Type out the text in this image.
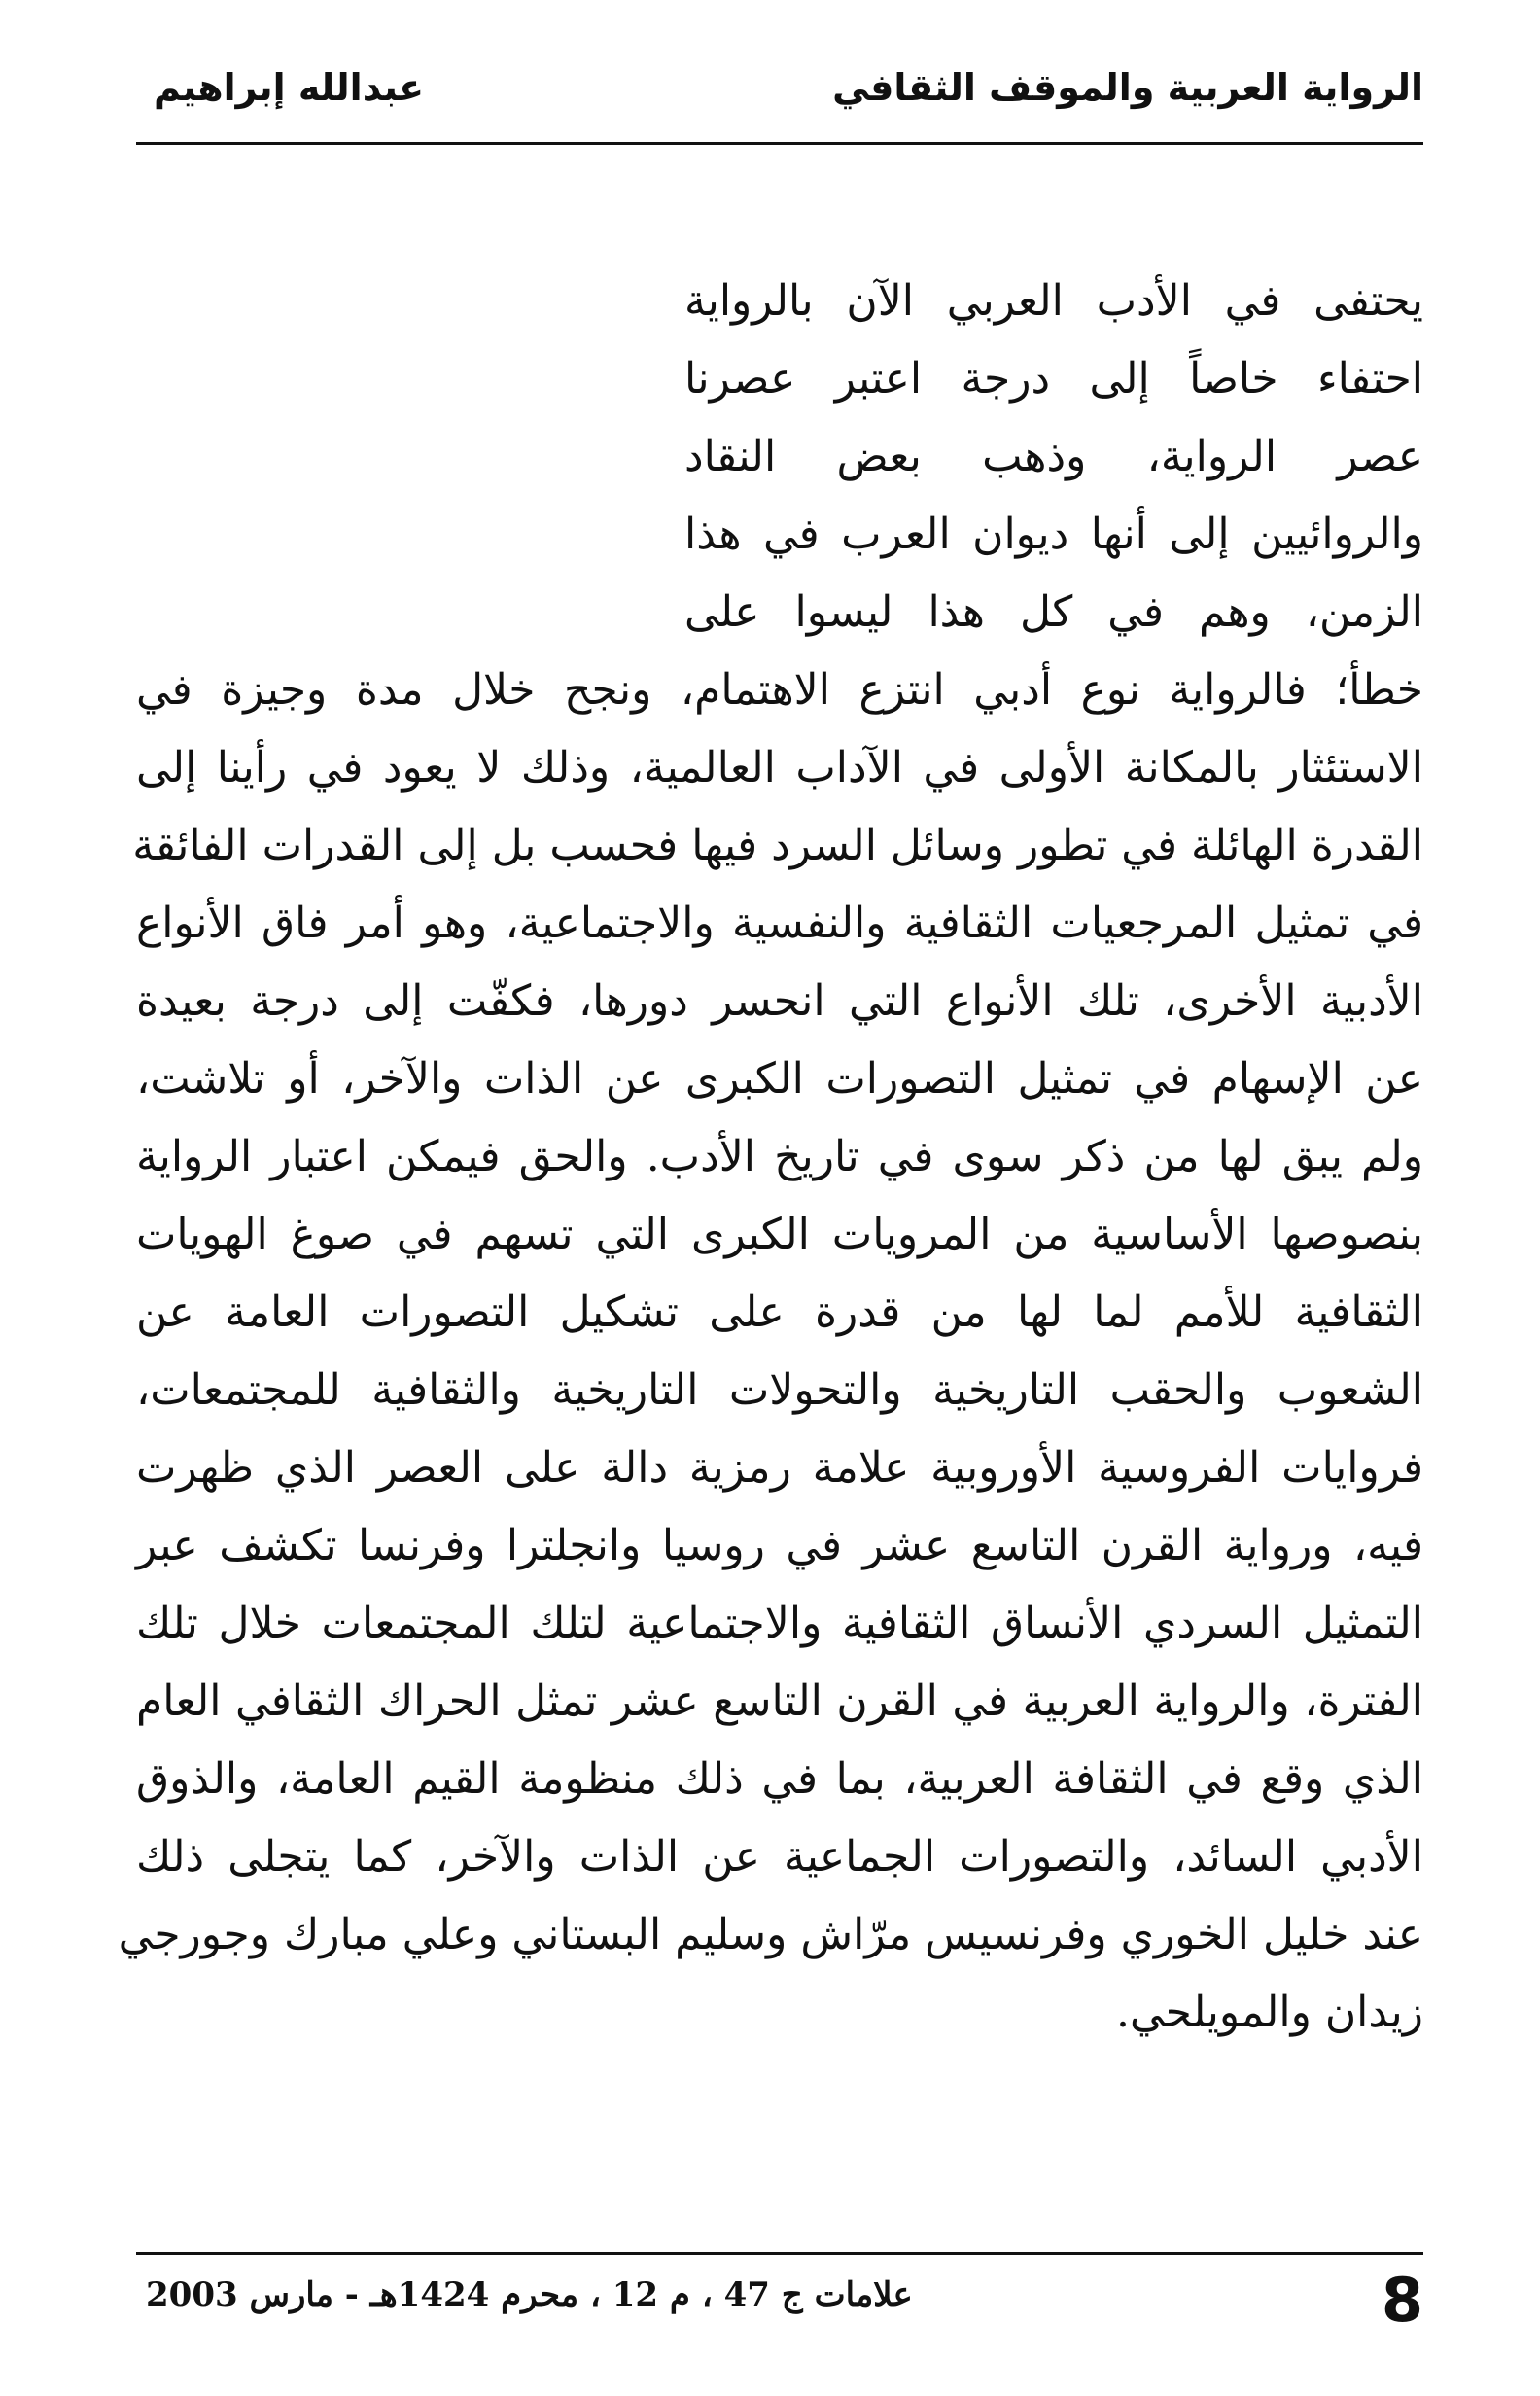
الرواية العربية والموقف الثقافي
عبدالله إبراهيم
يحتفى في الأدب العربي الآن بالرواية
احتفاء خاصاً إلى درجة اعتبر عصرنا
عصر الرواية، وذهب بعض النقاد
والروائيين إلى أنها ديوان العرب في هذا
الزمن، وهم في كل هذا ليسوا على
خطأ؛ فالرواية نوع أدبي انتزع الاهتمام، ونجح خلال مدة وجيزة في
الاستئثار بالمكانة الأولى في الآداب العالمية، وذلك لا يعود في رأينا إلى
القدرة الهائلة في تطور وسائل السرد فيها فحسب بل إلى القدرات الفائقة
في تمثيل المرجعيات الثقافية والنفسية والاجتماعية، وهو أمر فاق الأنواع
الأدبية الأخرى، تلك الأنواع التي انحسر دورها، فكفّت إلى درجة بعيدة
عن الإسهام في تمثيل التصورات الكبرى عن الذات والآخر، أو تلاشت،
ولم يبق لها من ذكر سوى في تاريخ الأدب. والحق فيمكن اعتبار الرواية
بنصوصها الأساسية من المرويات الكبرى التي تسهم في صوغ الهويات
الثقافية للأمم لما لها من قدرة على تشكيل التصورات العامة عن
الشعوب والحقب التاريخية والتحولات التاريخية والثقافية للمجتمعات،
فروايات الفروسية الأوروبية علامة رمزية دالة على العصر الذي ظهرت
فيه، ورواية القرن التاسع عشر في روسيا وانجلترا وفرنسا تكشف عبر
التمثيل السردي الأنساق الثقافية والاجتماعية لتلك المجتمعات خلال تلك
الفترة، والرواية العربية في القرن التاسع عشر تمثل الحراك الثقافي العام
الذي وقع في الثقافة العربية، بما في ذلك منظومة القيم العامة، والذوق
الأدبي السائد، والتصورات الجماعية عن الذات والآخر، كما يتجلى ذلك
عند خليل الخوري وفرنسيس مرّاش وسليم البستاني وعلي مبارك وجورجي
زيدان والمويلحي.
علامات ج 47 ، م 12 ، محرم 1424هـ - مارس 2003	8
